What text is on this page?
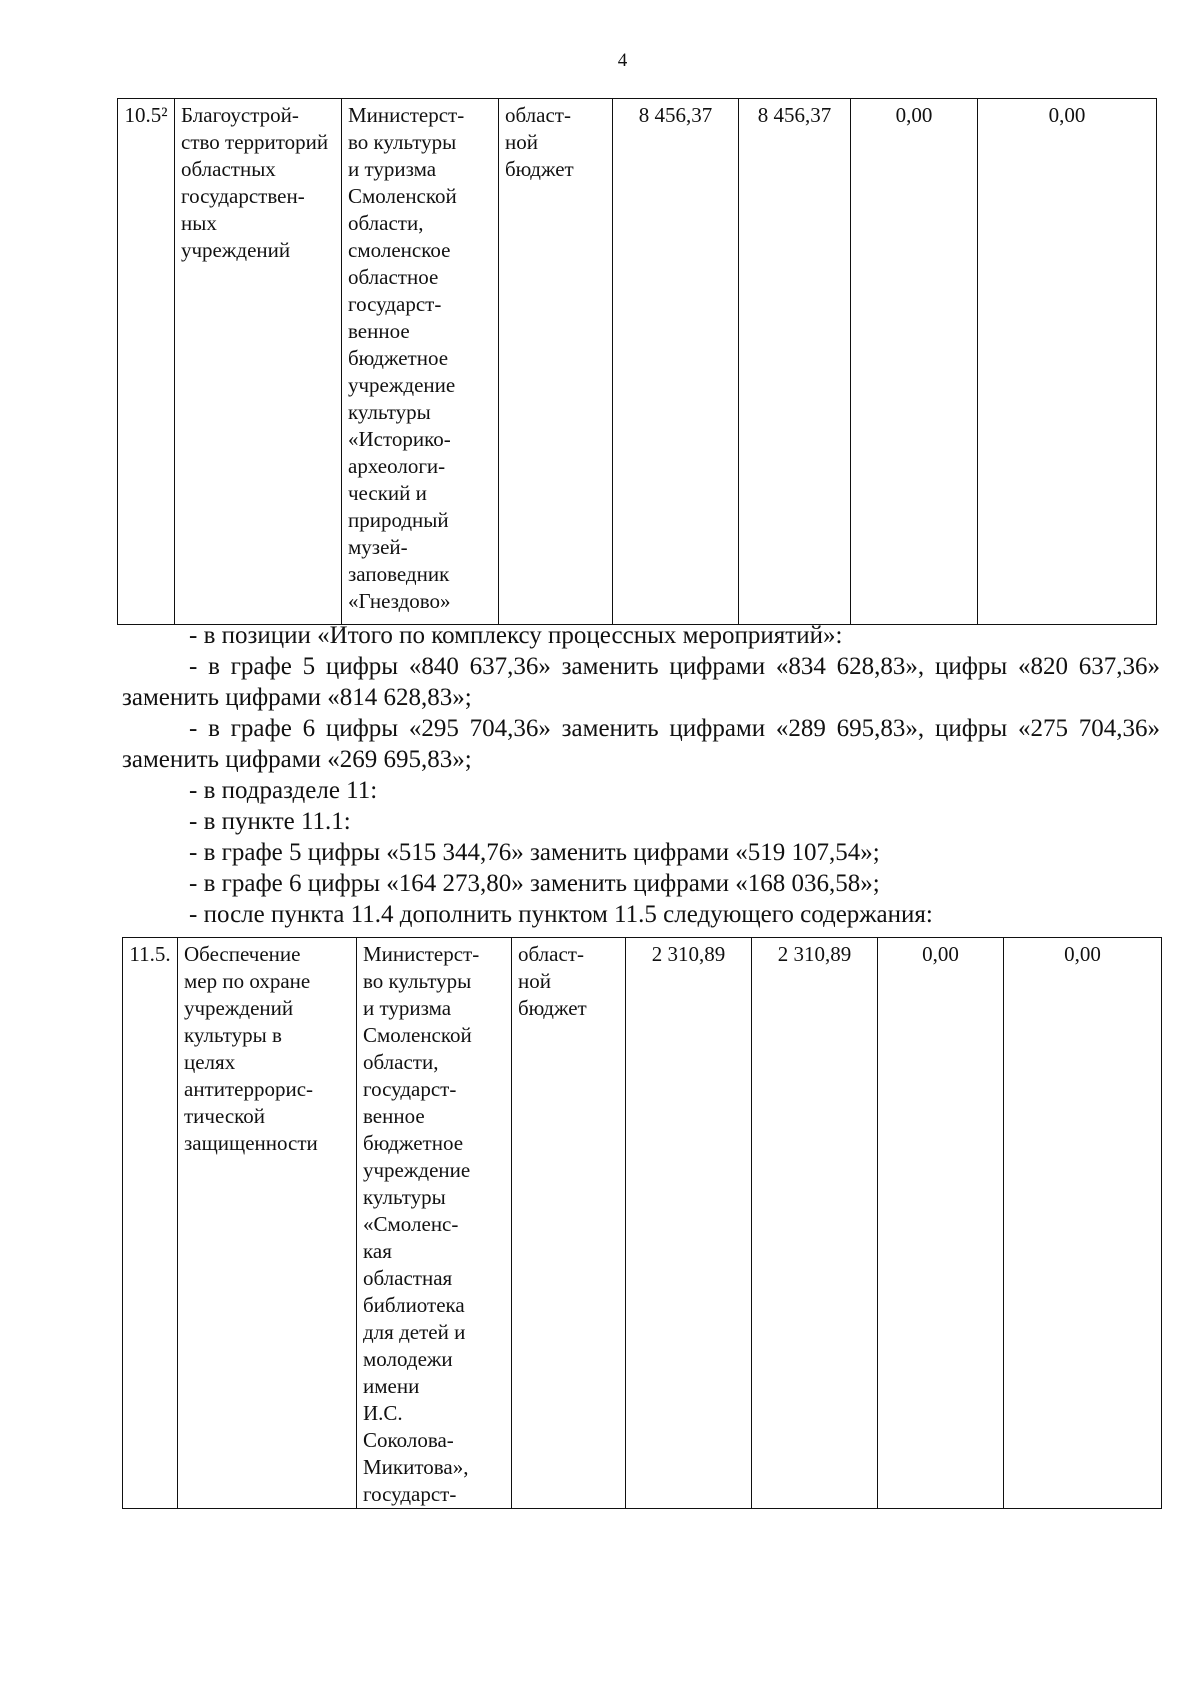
4
10.5²	Благоустрой-
ство территорий
областных
государствен-
ных
учреждений	Министерст-
во культуры
и туризма
Смоленской
области,
смоленское
областное
государст-
венное
бюджетное
учреждение
культуры
«Историко-
археологи-
ческий и
природный
музей-
заповедник
«Гнездово»	област-
ной
бюджет	8 456,37	8 456,37	0,00	0,00

- в позиции «Итого по комплексу процессных мероприятий»:

- в графе 5 цифры «840 637,36» заменить цифрами «834 628,83», цифры «820 637,36» заменить цифрами «814 628,83»;

- в графе 6 цифры «295 704,36» заменить цифрами «289 695,83», цифры «275 704,36» заменить цифрами «269 695,83»;

- в подразделе 11:

- в пункте 11.1:

- в графе 5 цифры «515 344,76» заменить цифрами «519 107,54»;

- в графе 6 цифры «164 273,80» заменить цифрами «168 036,58»;

- после пункта 11.4 дополнить пунктом 11.5 следующего содержания:

11.5.	Обеспечение
мер по охране
учреждений
культуры в
целях
антитеррорис-
тической
защищенности	Министерст-
во культуры
и туризма
Смоленской
области,
государст-
венное
бюджетное
учреждение
культуры
«Смоленс-
кая
областная
библиотека
для детей и
молодежи
имени
И.С.
Соколова-
Микитова»,
государст-	област-
ной
бюджет	2 310,89	2 310,89	0,00	0,00
